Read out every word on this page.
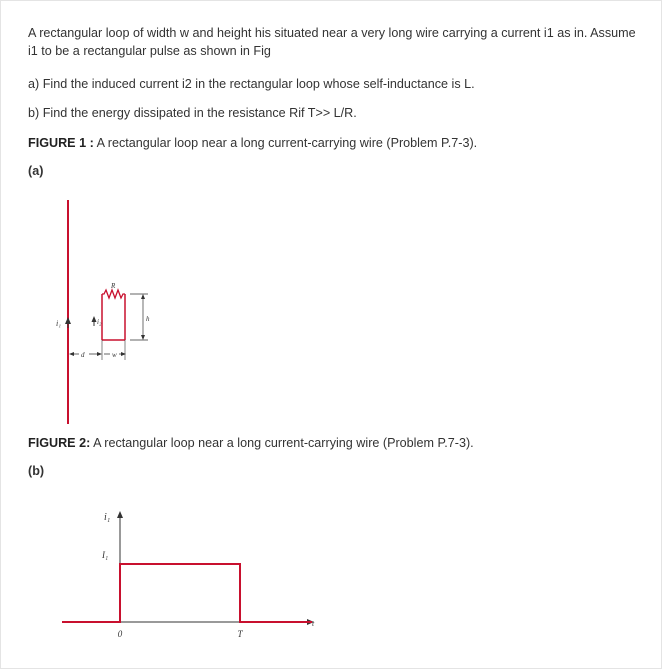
A rectangular loop of width w and height his situated near a very long wire carrying a current i1 as in. Assume i1 to be a rectangular pulse as shown in Fig

a) Find the induced current i2 in the rectangular loop whose self-inductance is L.

b) Find the energy dissipated in the resistance Rif T>> L/R.

FIGURE 1 : A rectangular loop near a long current-carrying wire (Problem P.7-3).

(a)
i₁
R
i₂	h
d	w

FIGURE 2: A rectangular loop near a long current-carrying wire (Problem P.7-3).

(b)
i₁
t
0	T
I₁
